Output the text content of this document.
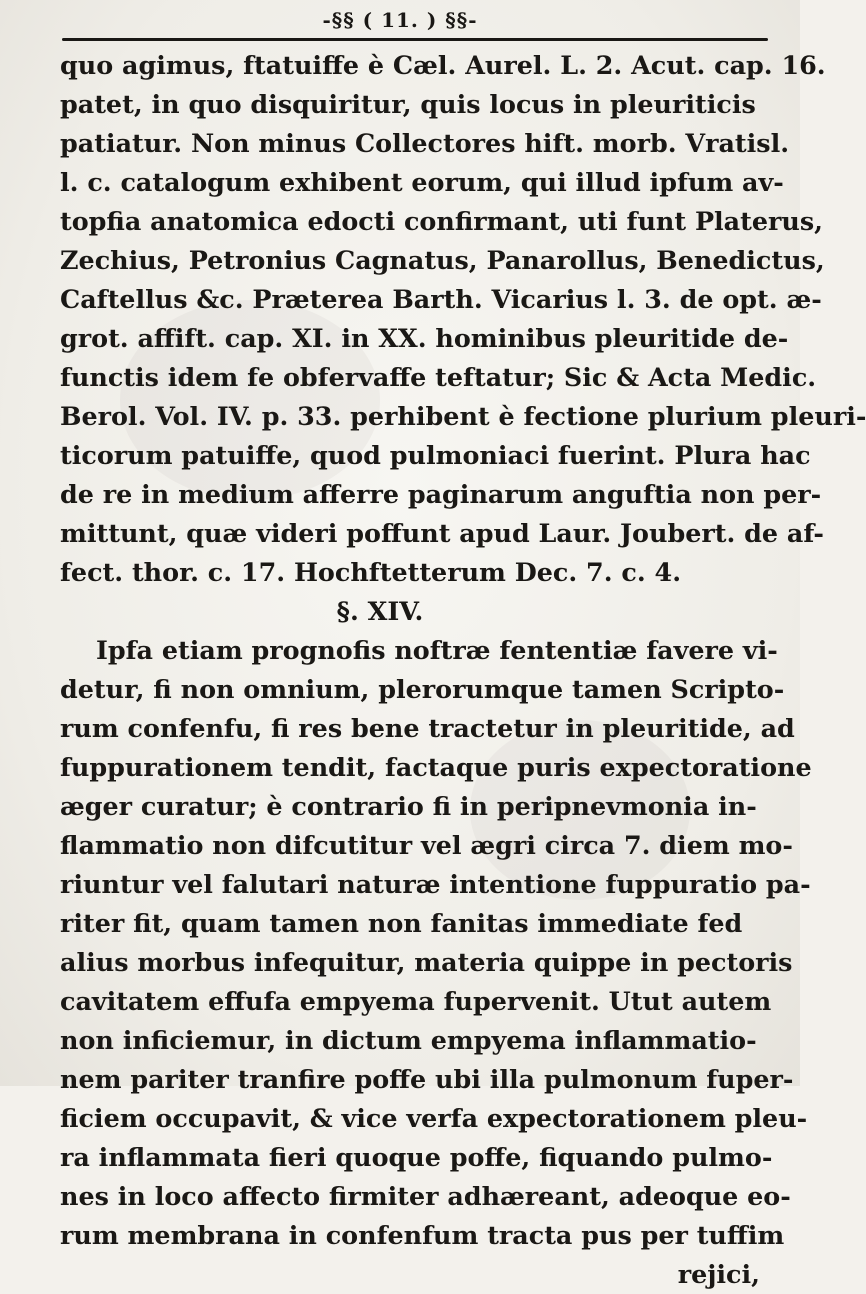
-§§ ( 11. ) §§-
quo agimus, ftatuiffe è Cæl. Aurel. L. 2. Acut. cap. 16.
patet, in quo disquiritur, quis locus in pleuriticis
patiatur. Non minus Collectores hift. morb. Vratisl.
l. c. catalogum exhibent eorum, qui illud ipfum av-
topfia anatomica edocti confirmant, uti funt Platerus,
Zechius, Petronius Cagnatus, Panarollus, Benedictus,
Caftellus &c. Præterea Barth. Vicarius l. 3. de opt. æ-
grot. affift. cap. XI. in XX. hominibus pleuritide de-
functis idem fe obfervaffe teftatur; Sic & Acta Medic.
Berol. Vol. IV. p. 33. perhibent è fectione plurium pleuri-
ticorum patuiffe, quod pulmoniaci fuerint. Plura hac
de re in medium afferre paginarum anguftia non per-
mittunt, quæ videri poffunt apud Laur. Joubert. de af-
fect. thor. c. 17. Hochftetterum Dec. 7. c. 4.
§. XIV.
Ipfa etiam prognofis noftræ fententiæ favere vi-
detur, fi non omnium, plerorumque tamen Scripto-
rum confenfu, fi res bene tractetur in pleuritide, ad
fuppurationem tendit, factaque puris expectoratione
æger curatur; è contrario fi in peripnevmonia in-
flammatio non difcutitur vel ægri circa 7. diem mo-
riuntur vel falutari naturæ intentione fuppuratio pa-
riter fit, quam tamen non fanitas immediate fed
alius morbus infequitur, materia quippe in pectoris
cavitatem effufa empyema fupervenit. Utut autem
non inficiemur, in dictum empyema inflammatio-
nem pariter tranfire poffe ubi illa pulmonum fuper-
ficiem occupavit, & vice verfa expectorationem pleu-
ra inflammata fieri quoque poffe, fiquando pulmo-
nes in loco affecto firmiter adhæreant, adeoque eo-
rum membrana in confenfum tracta pus per tuffim
rejici,
